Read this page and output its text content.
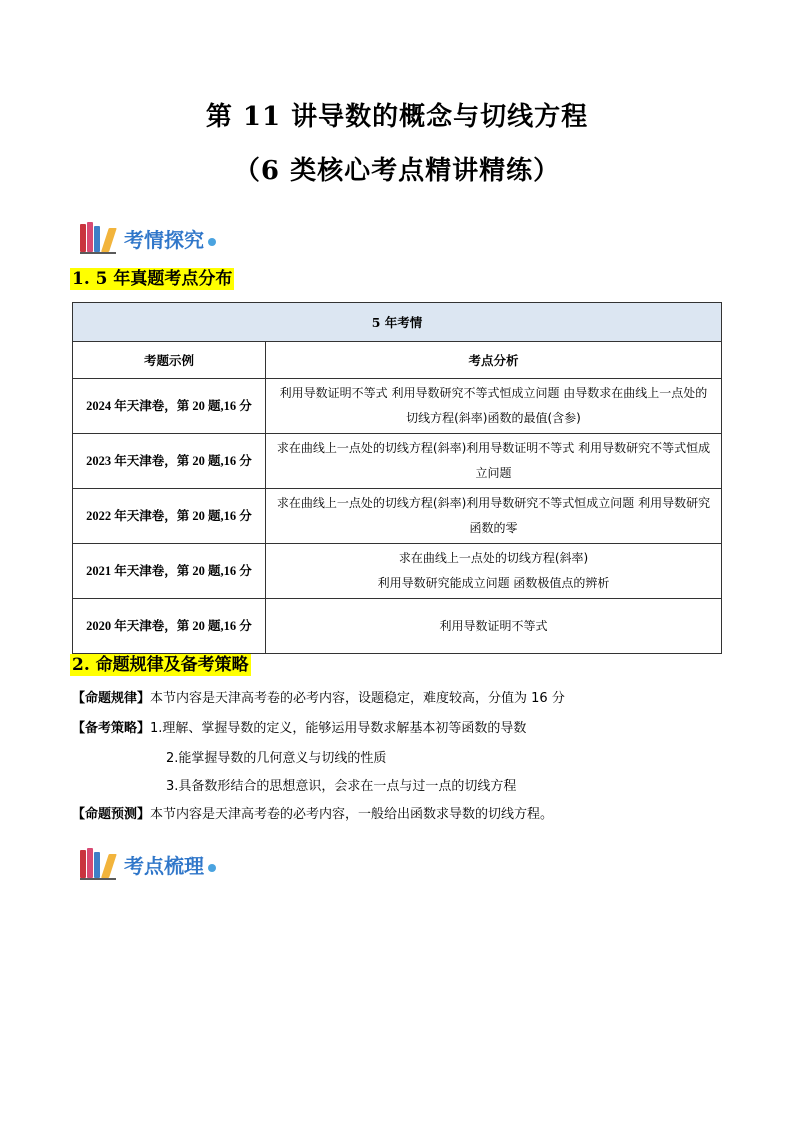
第 11 讲导数的概念与切线方程
（6 类核心考点精讲精练）
考情探究
1. 5 年真题考点分布
5 年考情	
考题示例	考点分析
2024 年天津卷，第 20 题,16 分	利用导数证明不等式 利用导数研究不等式恒成立问题 由导数求在曲线上一点处的切线方程(斜率)函数的最值(含参)
2023 年天津卷，第 20 题,16 分	求在曲线上一点处的切线方程(斜率)利用导数证明不等式 利用导数研究不等式恒成立问题
2022 年天津卷，第 20 题,16 分	求在曲线上一点处的切线方程(斜率)利用导数研究不等式恒成立问题 利用导数研究函数的零
2021 年天津卷，第 20 题,16 分	求在曲线上一点处的切线方程(斜率)
利用导数研究能成立问题 函数极值点的辨析
2020 年天津卷，第 20 题,16 分	利用导数证明不等式
2. 命题规律及备考策略
【命题规律】本节内容是天津高考卷的必考内容，设题稳定，难度较高，分值为 16 分
【备考策略】1.理解、掌握导数的定义，能够运用导数求解基本初等函数的导数
2.能掌握导数的几何意义与切线的性质
3.具备数形结合的思想意识，会求在一点与过一点的切线方程
【命题预测】本节内容是天津高考卷的必考内容，一般给出函数求导数的切线方程。
考点梳理
